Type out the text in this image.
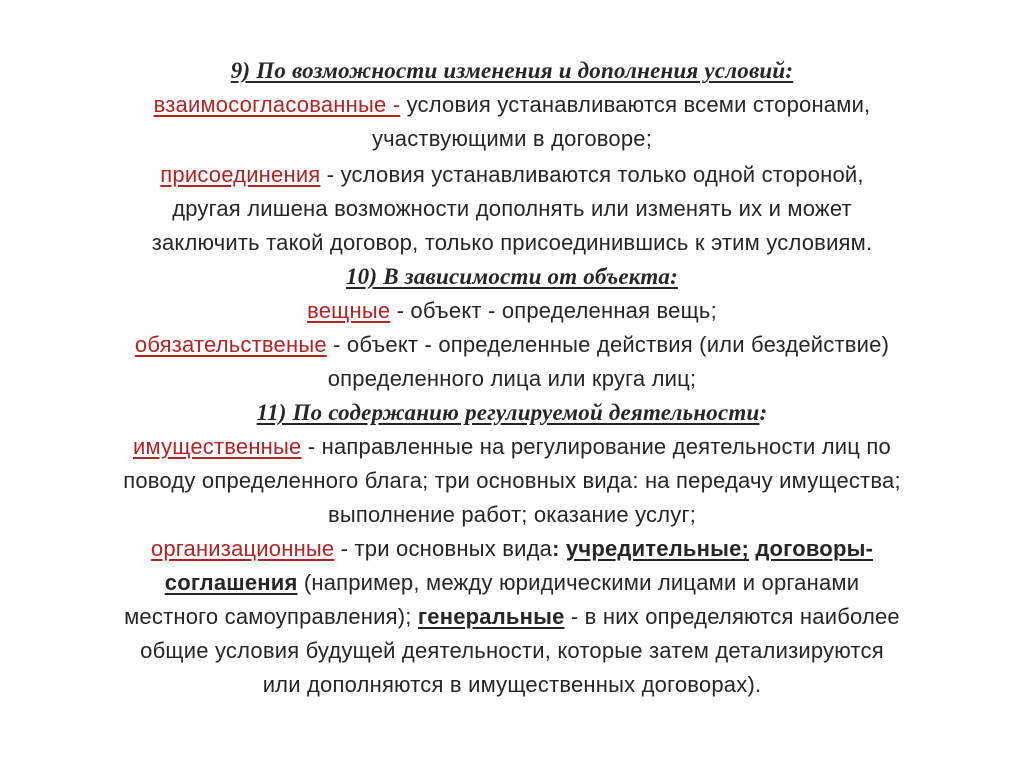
9) По возможности изменения и дополнения условий:
взаимосогласованные - условия устанавливаются всеми сторонами,
участвующими в договоре;
присоединения - условия устанавливаются только одной стороной,
другая лишена возможности дополнять или изменять их и может
заключить такой договор, только присоединившись к этим условиям.
10) В зависимости от объекта:
вещные - объект - определенная вещь;
обязательственые - объект - определенные действия (или бездействие)
определенного лица или круга лиц;
11) По содержанию регулируемой деятельности:
имущественные - направленные на регулирование деятельности лиц по
поводу определенного блага; три основных вида: на передачу имущества;
выполнение работ; оказание услуг;
организационные - три основных вида: учредительные; договоры-
соглашения (например, между юридическими лицами и органами
местного самоуправления); генеральные - в них определяются наиболее
общие условия будущей деятельности, которые затем детализируются
или дополняются в имущественных договорах).
